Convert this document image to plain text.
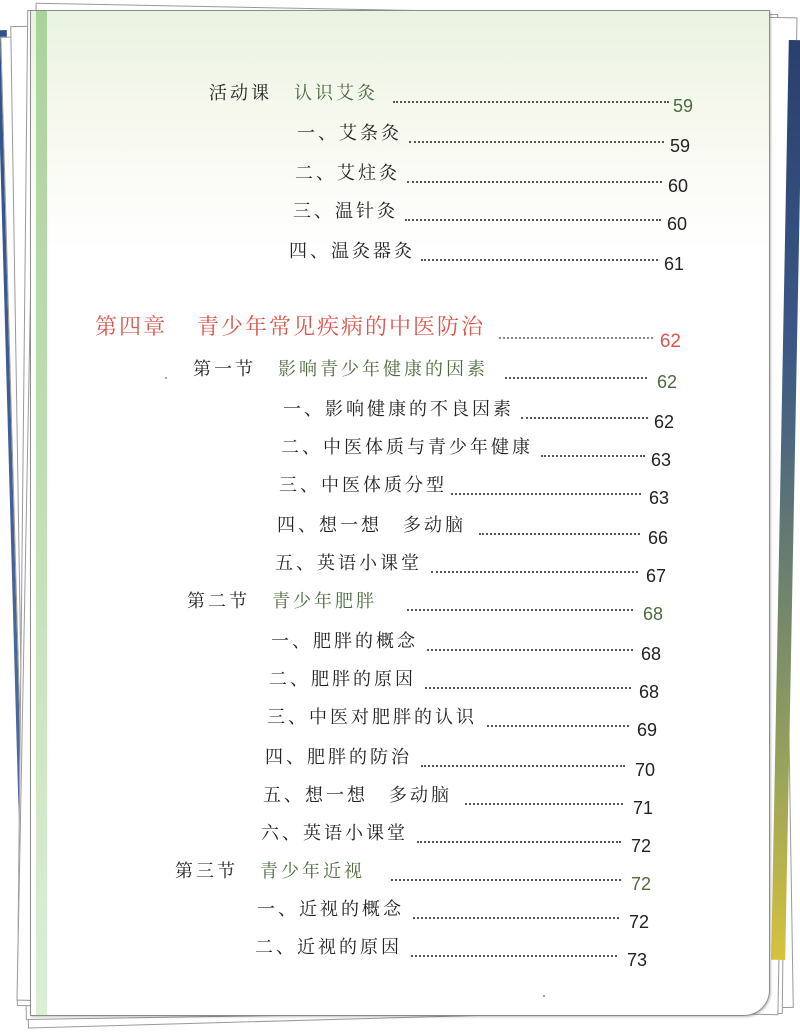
活动课 认识艾灸
59
一、艾条灸
59
二、艾炷灸
60
三、温针灸
60
四、温灸器灸
61
第四章 青少年常见疾病的中医防治
62
第一节 影响青少年健康的因素
62
一、影响健康的不良因素
62
二、中医体质与青少年健康
63
三、中医体质分型
63
四、想一想　多动脑
66
五、英语小课堂
67
第二节 青少年肥胖
68
一、肥胖的概念
68
二、肥胖的原因
68
三、中医对肥胖的认识
69
四、肥胖的防治
70
五、想一想　多动脑
71
六、英语小课堂
72
第三节 青少年近视
72
一、近视的概念
72
二、近视的原因
73
